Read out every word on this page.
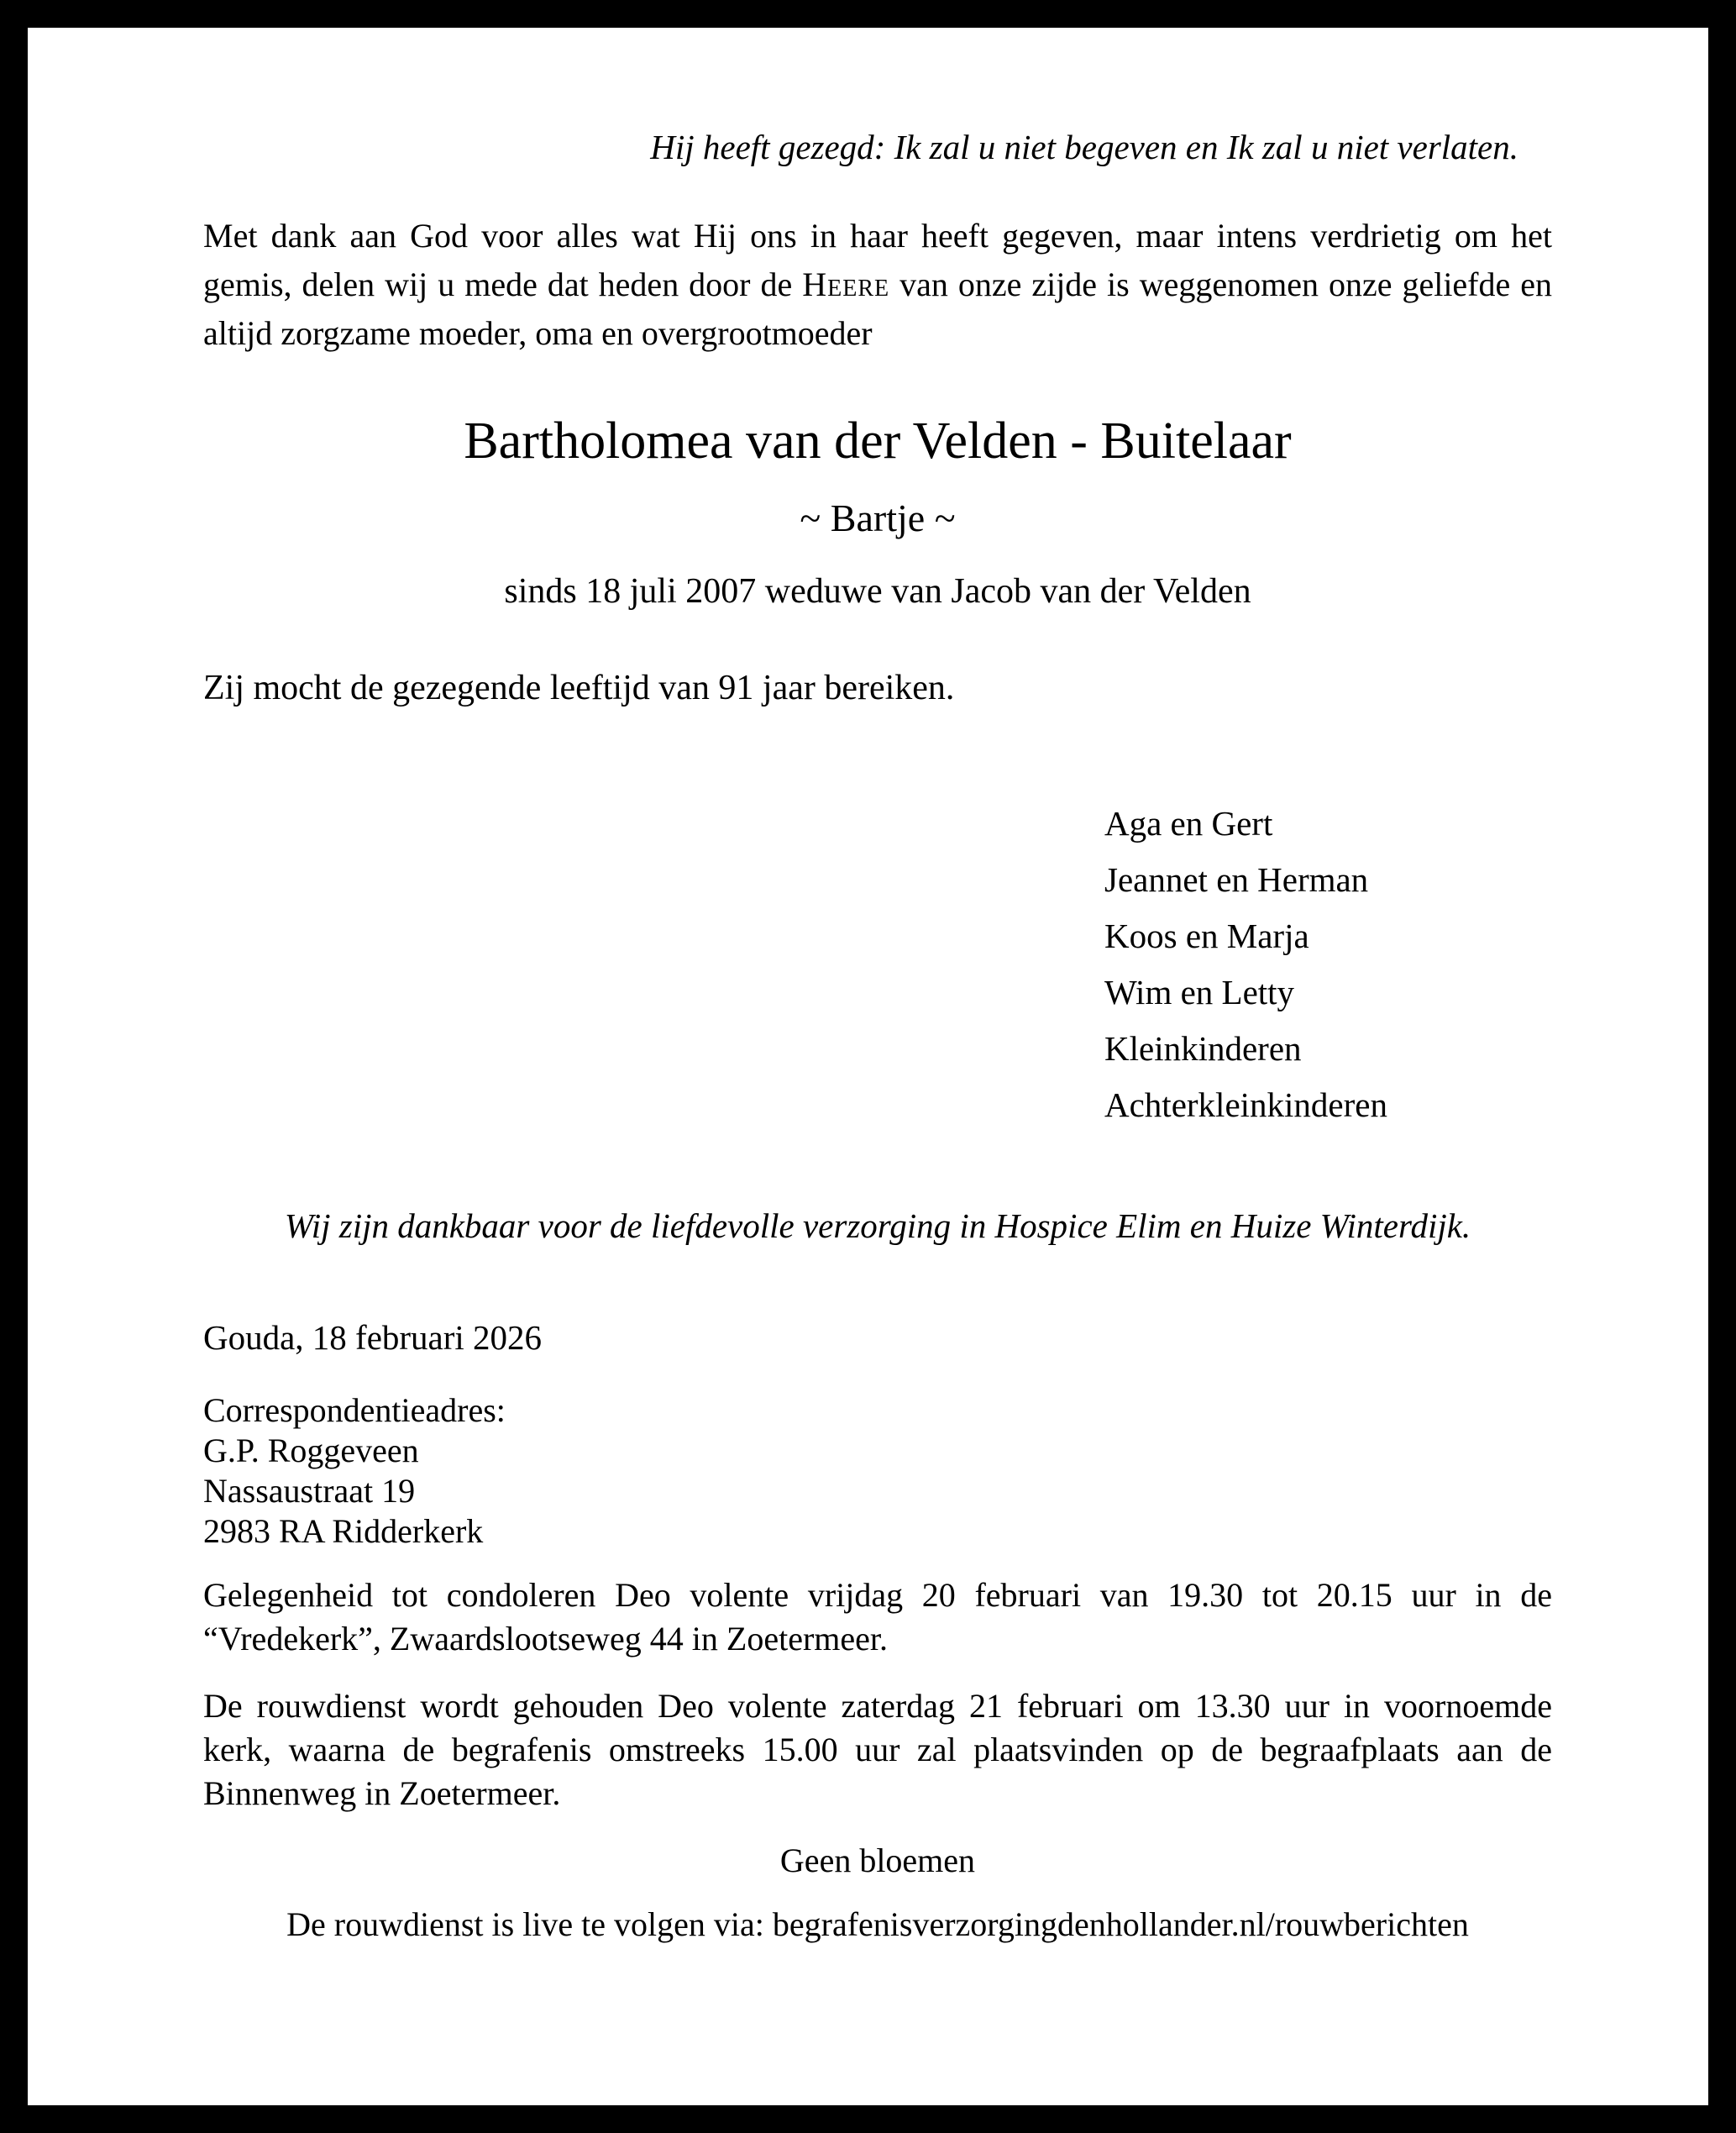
Hij heeft gezegd: Ik zal u niet begeven en Ik zal u niet verlaten.

Met dank aan God voor alles wat Hij ons in haar heeft gegeven, maar intens verdrietig om het gemis, delen wij u mede dat heden door de Heere van onze zijde is weggenomen onze geliefde en altijd zorgzame moeder, oma en overgrootmoeder

Bartholomea van der Velden - Buitelaar
~ Bartje ~
sinds 18 juli 2007 weduwe van Jacob van der Velden
Zij mocht de gezegende leeftijd van 91 jaar bereiken.
Aga en Gert
Jeannet en Herman
Koos en Marja
Wim en Letty
Kleinkinderen
Achterkleinkinderen
Wij zijn dankbaar voor de liefdevolle verzorging in Hospice Elim en Huize Winterdijk.
Gouda, 18 februari 2026
Correspondentieadres:
G.P. Roggeveen
Nassaustraat 19
2983 RA Ridderkerk

Gelegenheid tot condoleren Deo volente vrijdag 20 februari van 19.30 tot 20.15 uur in de “Vredekerk”, Zwaardslootseweg 44 in Zoetermeer.

De rouwdienst wordt gehouden Deo volente zaterdag 21 februari om 13.30 uur in voornoemde kerk, waarna de begrafenis omstreeks 15.00 uur zal plaatsvinden op de begraafplaats aan de Binnenweg in Zoetermeer.

Geen bloemen
De rouwdienst is live te volgen via: begrafenisverzorgingdenhollander.nl/rouwberichten
